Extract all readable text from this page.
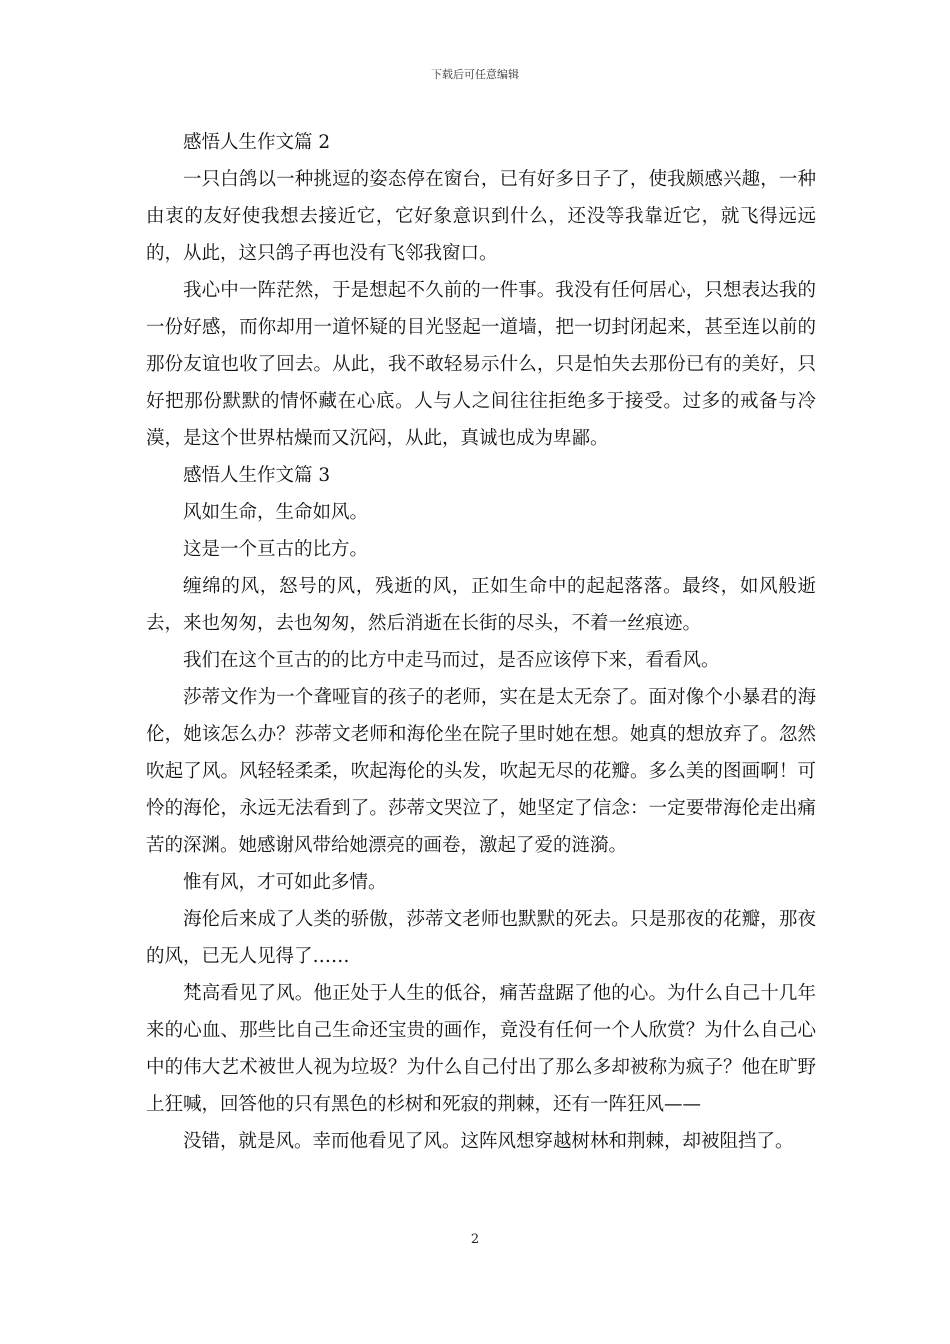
下载后可任意编辑

感悟人生作文篇 2

一只白鸽以一种挑逗的姿态停在窗台，已有好多日子了，使我颇感兴趣，一种由衷的友好使我想去接近它，它好象意识到什么，还没等我靠近它，就飞得远远的，从此，这只鸽子再也没有飞邻我窗口。

我心中一阵茫然，于是想起不久前的一件事。我没有任何居心，只想表达我的一份好感，而你却用一道怀疑的目光竖起一道墙，把一切封闭起来，甚至连以前的那份友谊也收了回去。从此，我不敢轻易示什么，只是怕失去那份已有的美好，只好把那份默默的情怀藏在心底。人与人之间往往拒绝多于接受。过多的戒备与冷漠，是这个世界枯燥而又沉闷，从此，真诚也成为卑鄙。

感悟人生作文篇 3

风如生命，生命如风。

这是一个亘古的比方。

缠绵的风，怒号的风，残逝的风，正如生命中的起起落落。最终，如风般逝去，来也匆匆，去也匆匆，然后消逝在长街的尽头，不着一丝痕迹。

我们在这个亘古的的比方中走马而过，是否应该停下来，看看风。

莎蒂文作为一个聋哑盲的孩子的老师，实在是太无奈了。面对像个小暴君的海伦，她该怎么办？莎蒂文老师和海伦坐在院子里时她在想。她真的想放弃了。忽然吹起了风。风轻轻柔柔，吹起海伦的头发，吹起无尽的花瓣。多么美的图画啊！可怜的海伦，永远无法看到了。莎蒂文哭泣了，她坚定了信念：一定要带海伦走出痛苦的深渊。她感谢风带给她漂亮的画卷，激起了爱的涟漪。

惟有风，才可如此多情。

海伦后来成了人类的骄傲，莎蒂文老师也默默的死去。只是那夜的花瓣，那夜的风，已无人见得了……

梵高看见了风。他正处于人生的低谷，痛苦盘踞了他的心。为什么自己十几年来的心血、那些比自己生命还宝贵的画作，竟没有任何一个人欣赏？为什么自己心中的伟大艺术被世人视为垃圾？为什么自己付出了那么多却被称为疯子？他在旷野上狂喊，回答他的只有黑色的杉树和死寂的荆棘，还有一阵狂风——

没错，就是风。幸而他看见了风。这阵风想穿越树林和荆棘，却被阻挡了。

2
